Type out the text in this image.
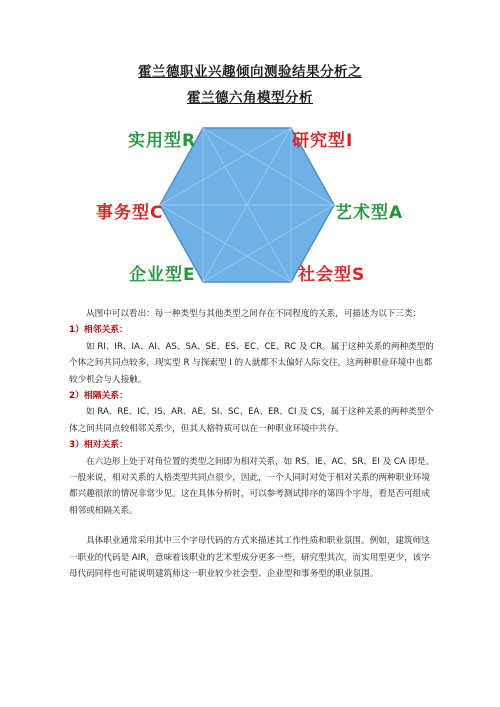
霍兰德职业兴趣倾向测验结果分析之
霍兰德六角模型分析
实用型R	研究型I
事务型C	艺术型A
企业型E	社会型S

从图中可以看出：每一种类型与其他类型之间存在不同程度的关系，可描述为以下三类：

1）相邻关系：

如 RI、IR、IA、AI、AS、SA、SE、ES、EC、CE、RC 及 CR。属于这种关系的两种类型的个体之间共同点较多，现实型 R 与探索型 I 的人就都不太偏好人际交往，这两种职业环境中也都较少机会与人接触。

2）相隔关系：

如 RA、RE、IC、IS、AR、AE、SI、SC、EA、ER、CI 及 CS，属于这种关系的两种类型个体之间共同点较相邻关系少，但其人格特质可以在一种职业环境中共存。

3）相对关系：

在六边形上处于对角位置的类型之间即为相对关系，如 RS、IE、AC、SR、EI 及 CA 即是。一般来说，相对关系的人格类型共同点很少，因此，一个人同时对处于相对关系的两种职业环境都兴趣很浓的情况非常少见。这在具体分析时，可以参考测试排序的第四个字母，看是否可组成相邻或相隔关系。

具体职业通常采用其中三个字母代码的方式来描述其工作性质和职业氛围。例如，建筑师这一职业的代码是 AIR，意味着该职业的艺术型成分更多一些，研究型其次，而实用型更少，该字母代码同样也可能说明建筑师这一职业较少社会型、企业型和事务型的职业氛围。
